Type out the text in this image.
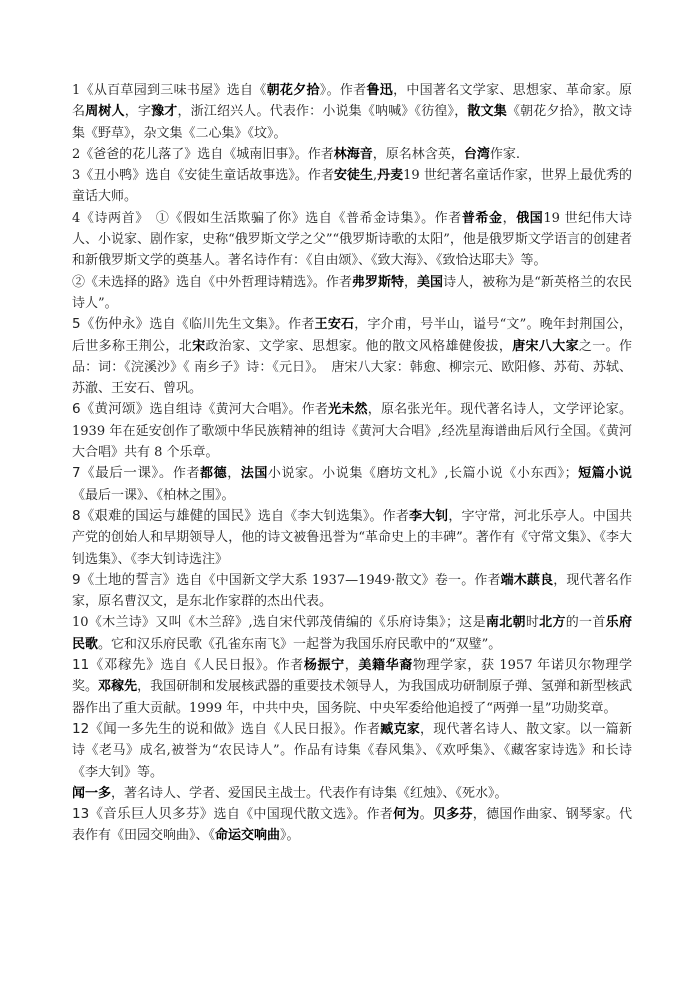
1《从百草园到三味书屋》选自《朝花夕拾》。作者鲁迅，中国著名文学家、思想家、革命家。原名周树人，字豫才，浙江绍兴人。代表作：小说集《呐喊》《彷徨》，散文集《朝花夕拾》，散文诗集《野草》，杂文集《二心集》《坟》。

2《爸爸的花儿落了》选自《城南旧事》。作者林海音，原名林含英，台湾作家.

3《丑小鸭》选自《安徒生童话故事选》。作者安徒生,丹麦19 世纪著名童话作家，世界上最优秀的童话大师。

4《诗两首》　①《假如生活欺骗了你》选自《普希金诗集》。作者普希金，俄国19 世纪伟大诗人、小说家、剧作家，史称“俄罗斯文学之父”“俄罗斯诗歌的太阳”，他是俄罗斯文学语言的创建者和新俄罗斯文学的奠基人。著名诗作有：《自由颂》、《致大海》、《致恰达耶夫》等。

②《未选择的路》选自《中外哲理诗精选》。作者弗罗斯特，美国诗人，被称为是“新英格兰的农民诗人”。

5《伤仲永》选自《临川先生文集》。作者王安石，字介甫，号半山，谥号“文”。晚年封荆国公，后世多称王荆公，北宋政治家、文学家、思想家。他的散文风格雄健俊拔，唐宋八大家之一。作品：词：《浣溪沙》《 南乡子》诗：《元日》。　唐宋八大家：韩愈、柳宗元、欧阳修、苏荀、苏轼、苏澈、王安石、曾巩。

6《黄河颂》选自组诗《黄河大合唱》。作者光未然，原名张光年。现代著名诗人，文学评论家。1939 年在延安创作了歌颂中华民族精神的组诗《黄河大合唱》,经冼星海谱曲后风行全国。《黄河大合唱》共有 8 个乐章。

7《最后一课》。作者都德，法国小说家。小说集《磨坊文札》,长篇小说《小东西》；短篇小说《最后一课》、《柏林之围》。

8《艰难的国运与雄健的国民》选自《李大钊选集》。作者李大钊，字守常，河北乐亭人。中国共产党的创始人和早期领导人，他的诗文被鲁迅誉为“革命史上的丰碑”。著作有《守常文集》、《李大钊选集》、《李大钊诗选注》

9《土地的誓言》选自《中国新文学大系 1937—1949·散文》卷一。作者端木蕻良，现代著名作家，原名曹汉文，是东北作家群的杰出代表。

10《木兰诗》又叫《木兰辞》,选自宋代郭茂倩编的《乐府诗集》；这是南北朝时北方的一首乐府民歌。它和汉乐府民歌《孔雀东南飞》一起誉为我国乐府民歌中的“双璧”。

11《邓稼先》选自《人民日报》。作者杨振宁，美籍华裔物理学家，获 1957 年诺贝尔物理学奖。邓稼先，我国研制和发展核武器的重要技术领导人，为我国成功研制原子弹、氢弹和新型核武器作出了重大贡献。1999 年，中共中央，国务院、中央军委给他追授了“两弹一星”功勋奖章。

12《闻一多先生的说和做》选自《人民日报》。作者臧克家，现代著名诗人、散文家。以一篇新诗《老马》成名,被誉为“农民诗人”。作品有诗集《春风集》、《欢呼集》、《藏客家诗选》和长诗《李大钊》等。

闻一多，著名诗人、学者、爱国民主战士。代表作有诗集《红烛》、《死水》。

13《音乐巨人贝多芬》选自《中国现代散文选》。作者何为。贝多芬，德国作曲家、钢琴家。代表作有《田园交响曲》、《命运交响曲》。
